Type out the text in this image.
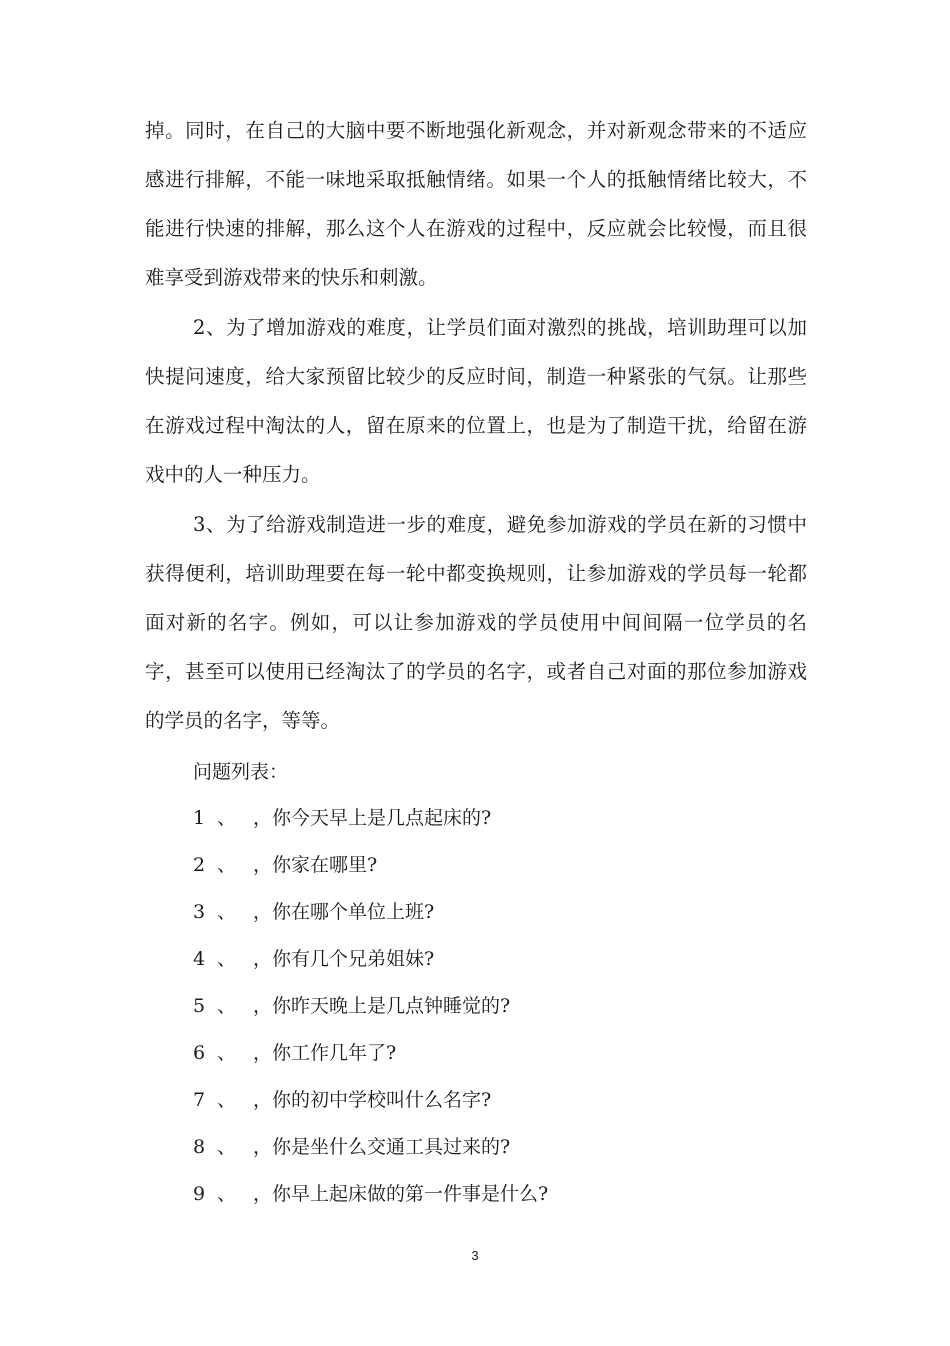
掉。同时，在自己的大脑中要不断地强化新观念，并对新观念带来的不适应感进行排解，不能一味地采取抵触情绪。如果一个人的抵触情绪比较大，不能进行快速的排解，那么这个人在游戏的过程中，反应就会比较慢，而且很难享受到游戏带来的快乐和刺激。

2、为了增加游戏的难度，让学员们面对激烈的挑战，培训助理可以加快提问速度，给大家预留比较少的反应时间，制造一种紧张的气氛。让那些在游戏过程中淘汰的人，留在原来的位置上，也是为了制造干扰，给留在游戏中的人一种压力。

3、为了给游戏制造进一步的难度，避免参加游戏的学员在新的习惯中获得便利，培训助理要在每一轮中都变换规则，让参加游戏的学员每一轮都面对新的名字。例如，可以让参加游戏的学员使用中间间隔一位学员的名字，甚至可以使用已经淘汰了的学员的名字，或者自己对面的那位参加游戏的学员的名字，等等。

问题列表：
1 、 ，你今天早上是几点起床的?
2 、 ，你家在哪里?
3 、 ，你在哪个单位上班?
4 、 ，你有几个兄弟姐妹?
5 、 ，你昨天晚上是几点钟睡觉的?
6 、 ，你工作几年了?
7 、 ，你的初中学校叫什么名字?
8 、 ，你是坐什么交通工具过来的?
9 、 ，你早上起床做的第一件事是什么?
3
